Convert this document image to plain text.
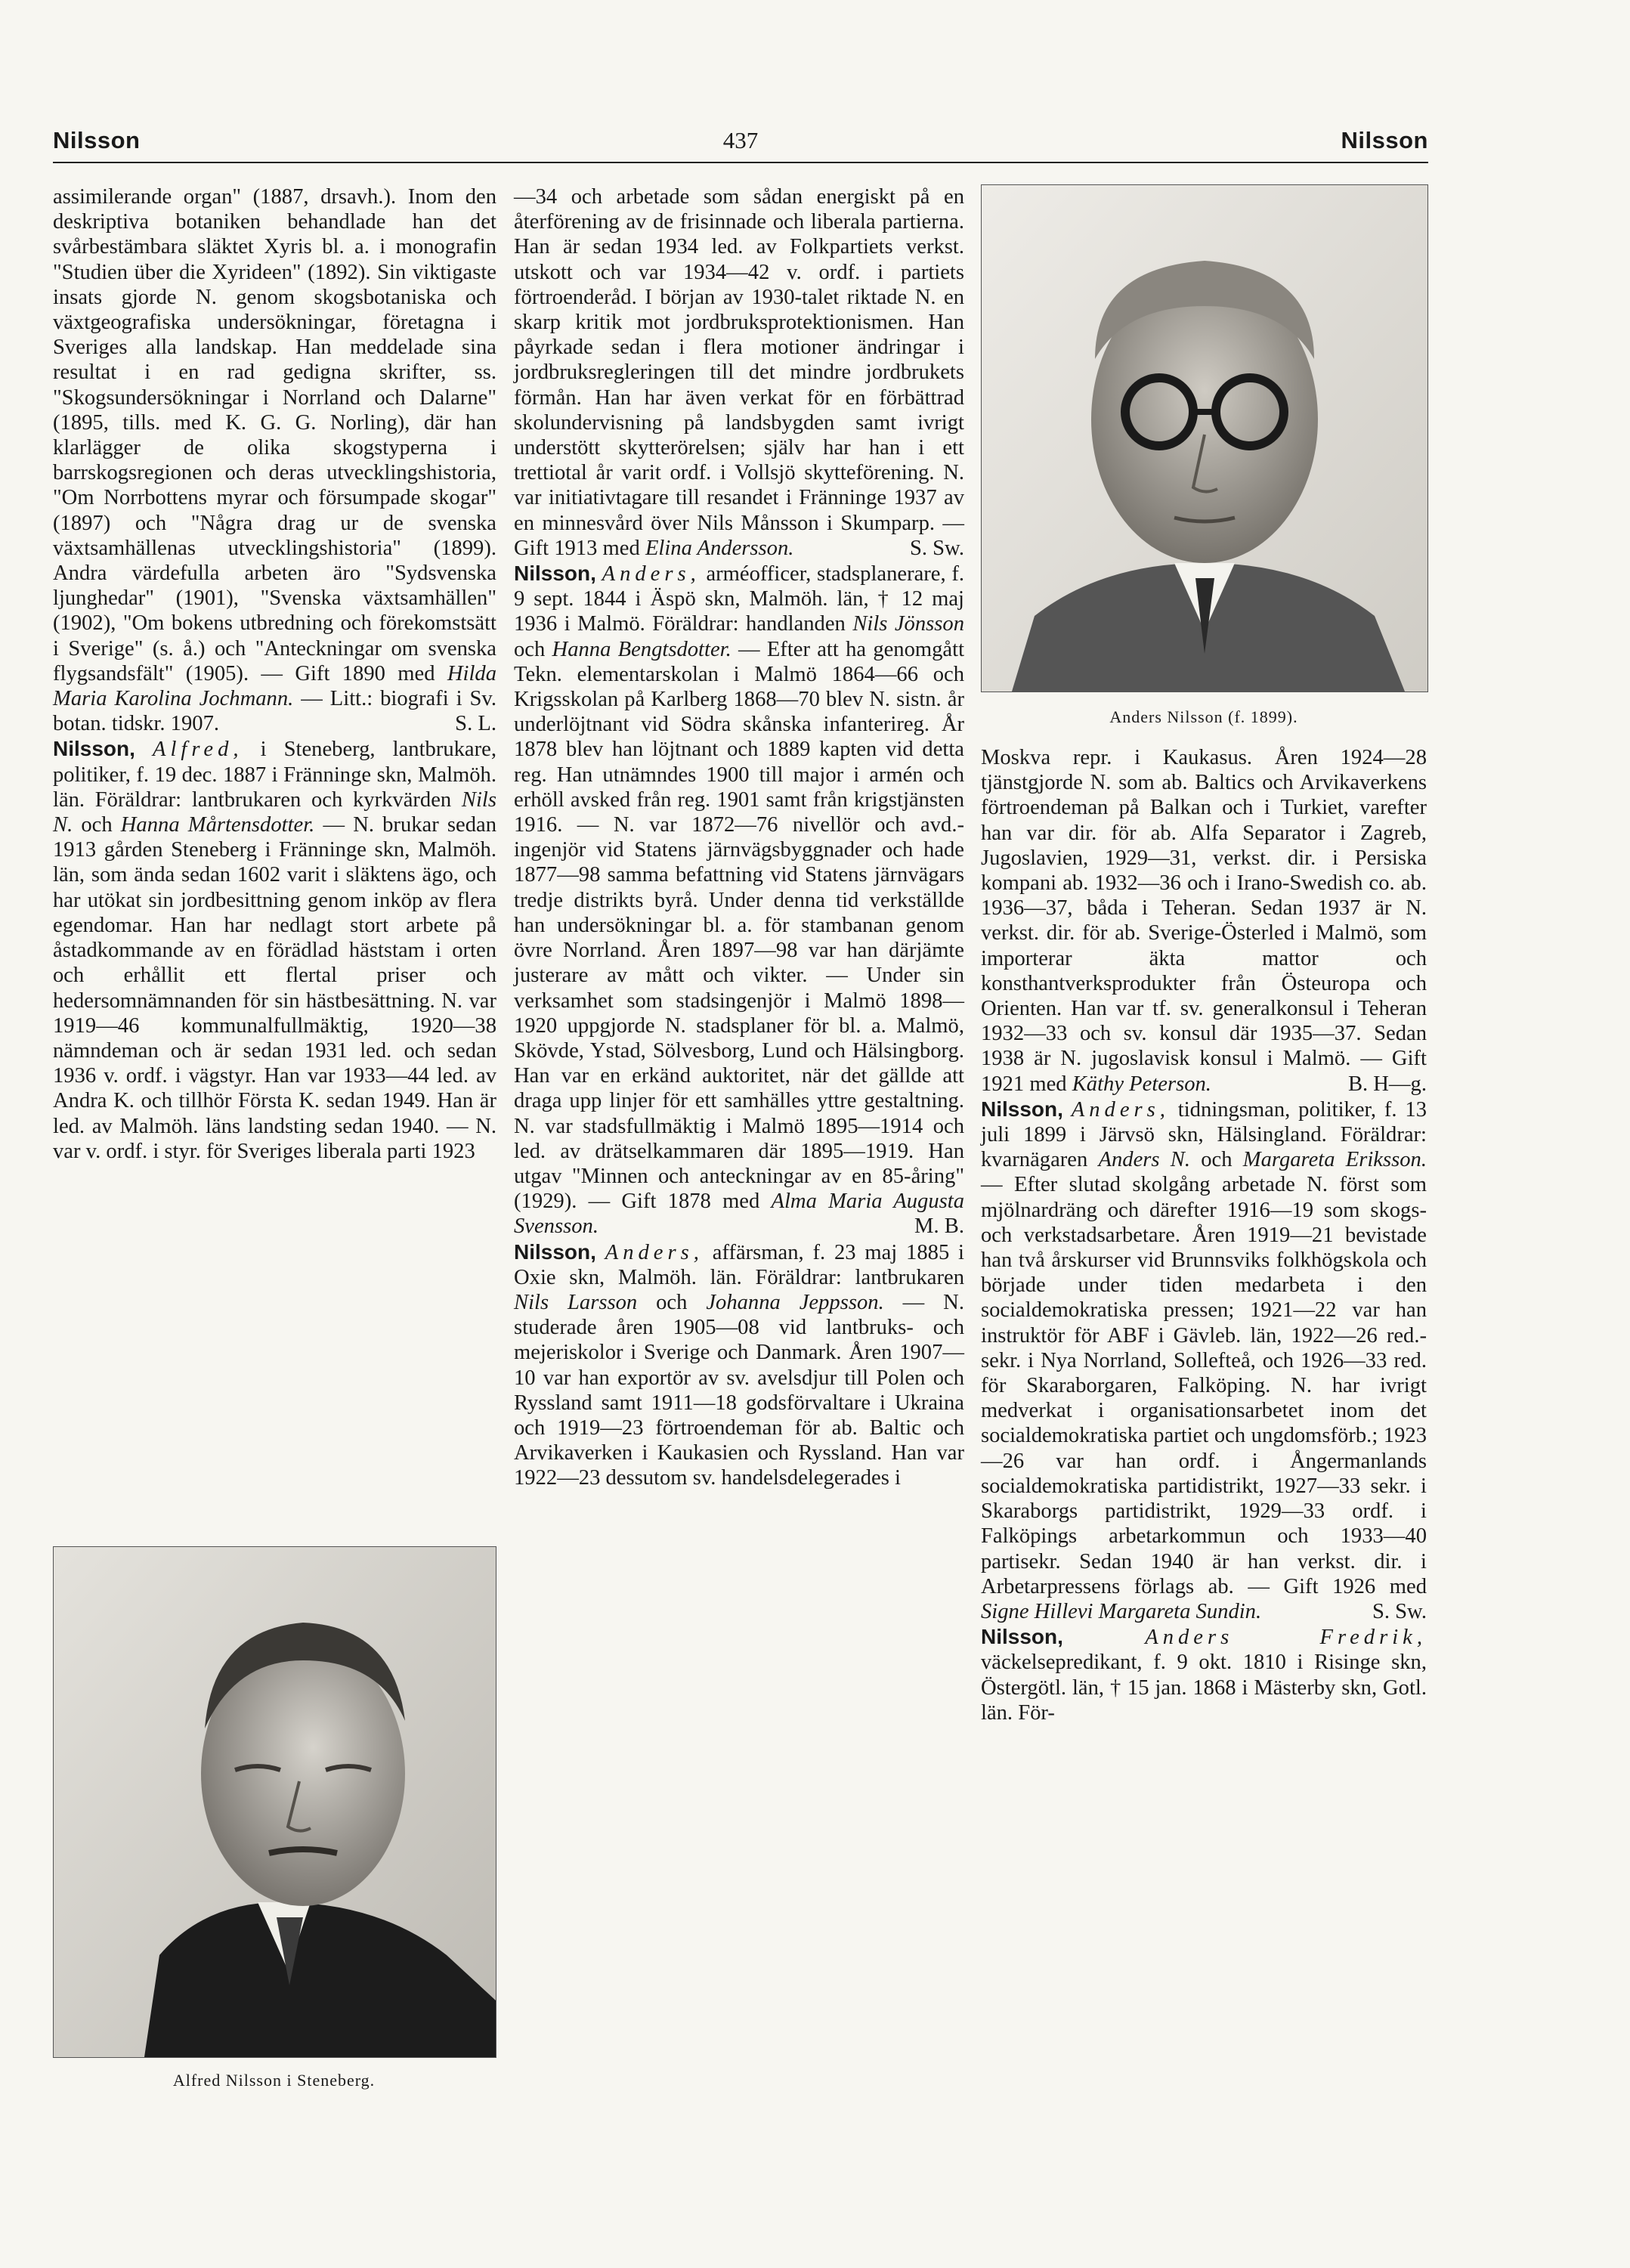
Nilsson	437	Nilsson

assimilerande organ" (1887, drsavh.). Inom den deskriptiva botaniken behandlade han det svårbestämbara släktet Xyris bl. a. i monografin "Studien über die Xyrideen" (1892). Sin viktigaste insats gjorde N. genom skogsbotaniska och växtgeografiska undersökningar, företagna i Sveriges alla landskap. Han meddelade sina resultat i en rad gedigna skrifter, ss. "Skogsundersökningar i Norrland och Dalarne" (1895, tills. med K. G. G. Norling), där han klarlägger de olika skogstyperna i barrskogsregionen och deras utvecklingshistoria, "Om Norrbottens myrar och försumpade skogar" (1897) och "Några drag ur de svenska växtsamhällenas utvecklingshistoria" (1899). Andra värdefulla arbeten äro "Sydsvenska ljunghedar" (1901), "Svenska växtsamhällen" (1902), "Om bokens utbredning och förekomstsätt i Sverige" (s. å.) och "Anteckningar om svenska flygsandsfält" (1905). — Gift 1890 med Hilda Maria Karolina Jochmann. — Litt.: biografi i Sv. botan. tidskr. 1907.	S. L.

Nilsson, Alfred, i Steneberg, lantbrukare, politiker, f. 19 dec. 1887 i Fränninge skn, Malmöh. län. Föräldrar: lantbrukaren och kyrkvärden Nils N. och Hanna Mårtensdotter. — N. brukar sedan 1913 gården Steneberg i Fränninge skn, Malmöh. län, som ända sedan 1602 varit i släktens ägo, och har utökat sin jordbesittning genom inköp av flera egendomar. Han har nedlagt stort arbete på åstadkommande av en förädlad häststam i orten och erhållit ett flertal priser och hedersomnämnanden för sin hästbesättning. N. var 1919—46 kommunalfullmäktig, 1920—38 nämndeman och är sedan 1931 led. och sedan 1936 v. ordf. i vägstyr. Han var 1933—44 led. av Andra K. och tillhör Första K. sedan 1949. Han är led. av Malmöh. läns landsting sedan 1940. — N. var v. ordf. i styr. för Sveriges liberala parti 1923

Alfred Nilsson i Steneberg.

—34 och arbetade som sådan energiskt på en återförening av de frisinnade och liberala partierna. Han är sedan 1934 led. av Folkpartiets verkst. utskott och var 1934—42 v. ordf. i partiets förtroenderåd. I början av 1930-talet riktade N. en skarp kritik mot jordbruksprotektionismen. Han påyrkade sedan i flera motioner ändringar i jordbruksregleringen till det mindre jordbrukets förmån. Han har även verkat för en förbättrad skolundervisning på landsbygden samt ivrigt understött skytterörelsen; själv har han i ett trettiotal år varit ordf. i Vollsjö skytteförening. N. var initiativtagare till resandet i Fränninge 1937 av en minnesvård över Nils Månsson i Skumparp. — Gift 1913 med Elina Andersson.	S. Sw.

Nilsson, Anders, arméofficer, stadsplanerare, f. 9 sept. 1844 i Äspö skn, Malmöh. län, † 12 maj 1936 i Malmö. Föräldrar: handlanden Nils Jönsson och Hanna Bengtsdotter. — Efter att ha genomgått Tekn. elementarskolan i Malmö 1864—66 och Krigsskolan på Karlberg 1868—70 blev N. sistn. år underlöjtnant vid Södra skånska infanterireg. År 1878 blev han löjtnant och 1889 kapten vid detta reg. Han utnämndes 1900 till major i armén och erhöll avsked från reg. 1901 samt från krigstjänsten 1916. — N. var 1872—76 nivellör och avd.-ingenjör vid Statens järnvägsbyggnader och hade 1877—98 samma befattning vid Statens järnvägars tredje distrikts byrå. Under denna tid verkställde han undersökningar bl. a. för stambanan genom övre Norrland. Åren 1897—98 var han därjämte justerare av mått och vikter. — Under sin verksamhet som stadsingenjör i Malmö 1898—1920 uppgjorde N. stadsplaner för bl. a. Malmö, Skövde, Ystad, Sölvesborg, Lund och Hälsingborg. Han var en erkänd auktoritet, när det gällde att draga upp linjer för ett samhälles yttre gestaltning. N. var stadsfullmäktig i Malmö 1895—1914 och led. av drätselkammaren där 1895—1919. Han utgav "Minnen och anteckningar av en 85-åring" (1929). — Gift 1878 med Alma Maria Augusta Svensson.	M. B.

Nilsson, Anders, affärsman, f. 23 maj 1885 i Oxie skn, Malmöh. län. Föräldrar: lantbrukaren Nils Larsson och Johanna Jeppsson. — N. studerade åren 1905—08 vid lantbruks- och mejeriskolor i Sverige och Danmark. Åren 1907—10 var han exportör av sv. avelsdjur till Polen och Ryssland samt 1911—18 godsförvaltare i Ukraina och 1919—23 förtroendeman för ab. Baltic och Arvikaverken i Kaukasien och Ryssland. Han var 1922—23 dessutom sv. handelsdelegerades i

Anders Nilsson (f. 1899).

Moskva repr. i Kaukasus. Åren 1924—28 tjänstgjorde N. som ab. Baltics och Arvikaverkens förtroendeman på Balkan och i Turkiet, varefter han var dir. för ab. Alfa Separator i Zagreb, Jugoslavien, 1929—31, verkst. dir. i Persiska kompani ab. 1932—36 och i Irano-Swedish co. ab. 1936—37, båda i Teheran. Sedan 1937 är N. verkst. dir. för ab. Sverige-Österled i Malmö, som importerar äkta mattor och konsthantverksprodukter från Östeuropa och Orienten. Han var tf. sv. generalkonsul i Teheran 1932—33 och sv. konsul där 1935—37. Sedan 1938 är N. jugoslavisk konsul i Malmö. — Gift 1921 med Käthy Peterson.	B. H—g.

Nilsson, Anders, tidningsman, politiker, f. 13 juli 1899 i Järvsö skn, Hälsingland. Föräldrar: kvarnägaren Anders N. och Margareta Eriksson. — Efter slutad skolgång arbetade N. först som mjölnardräng och därefter 1916—19 som skogs- och verkstadsarbetare. Åren 1919—21 bevistade han två årskurser vid Brunnsviks folkhögskola och började under tiden medarbeta i den socialdemokratiska pressen; 1921—22 var han instruktör för ABF i Gävleb. län, 1922—26 red.-sekr. i Nya Norrland, Sollefteå, och 1926—33 red. för Skaraborgaren, Falköping. N. har ivrigt medverkat i organisationsarbetet inom det socialdemokratiska partiet och ungdomsförb.; 1923—26 var han ordf. i Ångermanlands socialdemokratiska partidistrikt, 1927—33 sekr. i Skaraborgs partidistrikt, 1929—33 ordf. i Falköpings arbetarkommun och 1933—40 partisekr. Sedan 1940 är han verkst. dir. i Arbetarpressens förlags ab. — Gift 1926 med Signe Hillevi Margareta Sundin.	S. Sw.

Nilsson,	Anders Fredrik, väckelsepredikant, f. 9 okt. 1810 i Risinge skn, Östergötl. län, † 15 jan. 1868 i Mästerby skn, Gotl. län. För-
